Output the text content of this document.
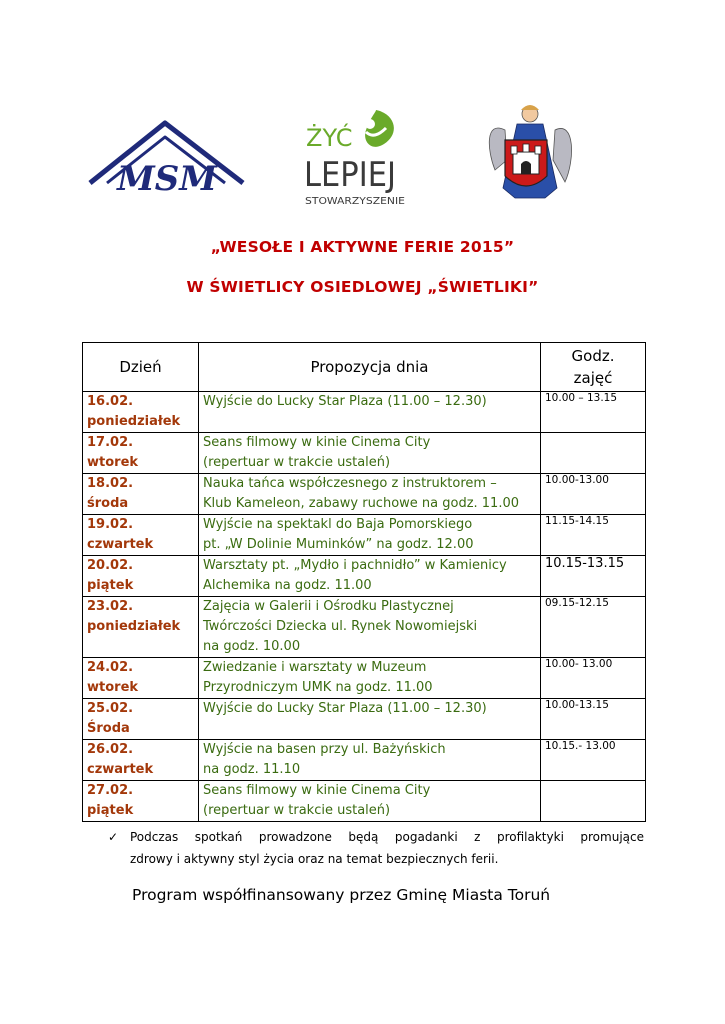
MSM
ŻYĆ
LEPIEJ
STOWARZYSZENIE
„WESOŁE I AKTYWNE FERIE 2015”
W ŚWIETLICY OSIEDLOWEJ „ŚWIETLIKI”
Dzień	Propozycja dnia	Godz.
zajęć
16.02.
poniedziałek	Wyjście do Lucky Star Plaza (11.00 – 12.30)	10.00 – 13.15
17.02.
wtorek	Seans filmowy w kinie Cinema City
(repertuar w trakcie ustaleń)	
18.02.
środa	Nauka tańca współczesnego z instruktorem –
Klub Kameleon, zabawy ruchowe na godz. 11.00	10.00-13.00
19.02.
czwartek	Wyjście na spektakl do Baja Pomorskiego
pt. „W Dolinie Muminków” na godz. 12.00	11.15-14.15
20.02.
piątek	Warsztaty pt. „Mydło i pachnidło” w Kamienicy
Alchemika na godz. 11.00	10.15-13.15
23.02.
poniedziałek	Zajęcia w Galerii i Ośrodku Plastycznej
Twórczości Dziecka ul. Rynek Nowomiejski
na godz. 10.00	09.15-12.15
24.02.
wtorek	Zwiedzanie i warsztaty w Muzeum
Przyrodniczym UMK na godz. 11.00	10.00- 13.00
25.02.
Środa	Wyjście do Lucky Star Plaza (11.00 – 12.30)	10.00-13.15
26.02.
czwartek	Wyjście na basen przy ul. Bażyńskich
na godz. 11.10	10.15.- 13.00
27.02.
piątek	Seans filmowy w kinie Cinema City
(repertuar w trakcie ustaleń)	
✓ Podczas spotkań prowadzone będą pogadanki z profilaktyki promujące
zdrowy i aktywny styl życia oraz na temat bezpiecznych ferii.
Program współfinansowany przez Gminę Miasta Toruń
